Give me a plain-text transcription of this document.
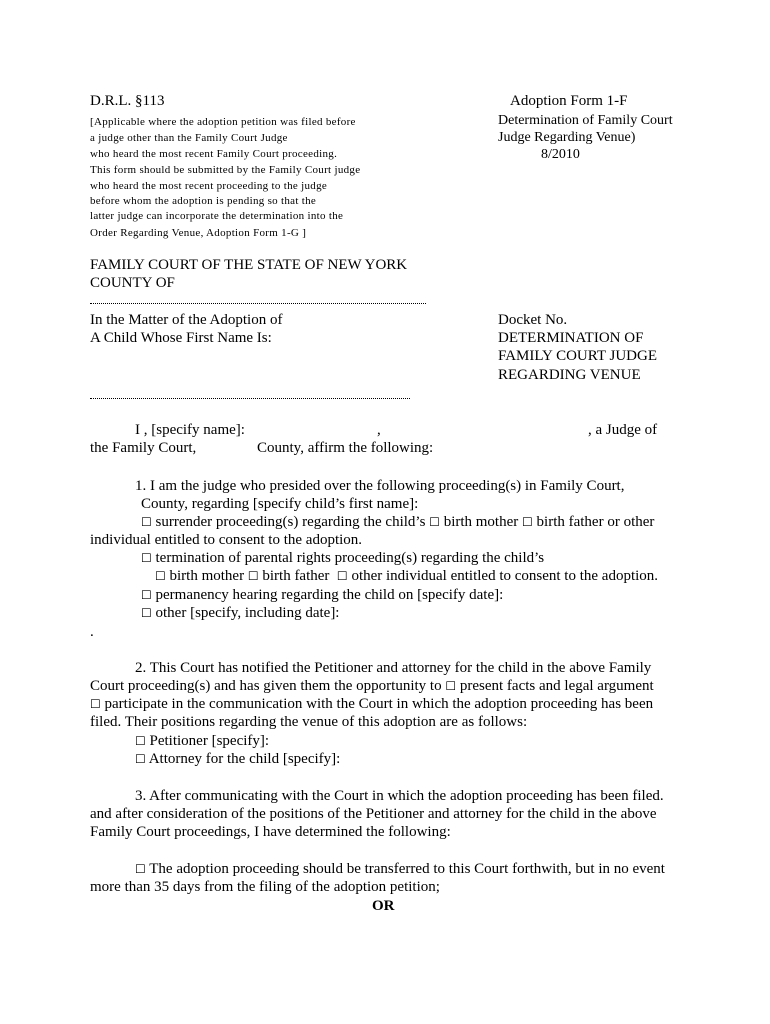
D.R.L. §113
[Applicable where the adoption petition was filed before
a judge other than the Family Court Judge
who heard the most recent Family Court proceeding.
This form should be submitted by the Family Court judge
who heard the most recent proceeding to the judge
before whom the adoption is pending so that the
latter judge can incorporate the determination into the
Order Regarding Venue, Adoption Form 1-G ]
Adoption Form 1-F
Determination of Family Court
Judge Regarding Venue)
8/2010
FAMILY COURT OF THE STATE OF NEW YORK
COUNTY OF
In the Matter of the Adoption of
A Child Whose First Name Is:
Docket No.
DETERMINATION OF
FAMILY COURT JUDGE
REGARDING VENUE
I , [specify name]:	,	, a Judge of
the Family Court,	County, affirm the following:
1. I am the judge who presided over the following proceeding(s) in Family Court,
County, regarding [specify child’s first name]:
☐ surrender proceeding(s) regarding the child’s ☐ birth mother ☐ birth father or other
individual entitled to consent to the adoption.
☐ termination of parental rights proceeding(s) regarding the child’s
☐ birth mother ☐ birth father ☐ other individual entitled to consent to the adoption.
☐ permanency hearing regarding the child on [specify date]:
☐ other [specify, including date]:
.
2. This Court has notified the Petitioner and attorney for the child in the above Family
Court proceeding(s) and has given them the opportunity to ☐ present facts and legal argument
☐ participate in the communication with the Court in which the adoption proceeding has been
filed. Their positions regarding the venue of this adoption are as follows:
☐ Petitioner [specify]:
☐ Attorney for the child [specify]:
3. After communicating with the Court in which the adoption proceeding has been filed.
and after consideration of the positions of the Petitioner and attorney for the child in the above
Family Court proceedings, I have determined the following:
☐ The adoption proceeding should be transferred to this Court forthwith, but in no event
more than 35 days from the filing of the adoption petition;
OR
